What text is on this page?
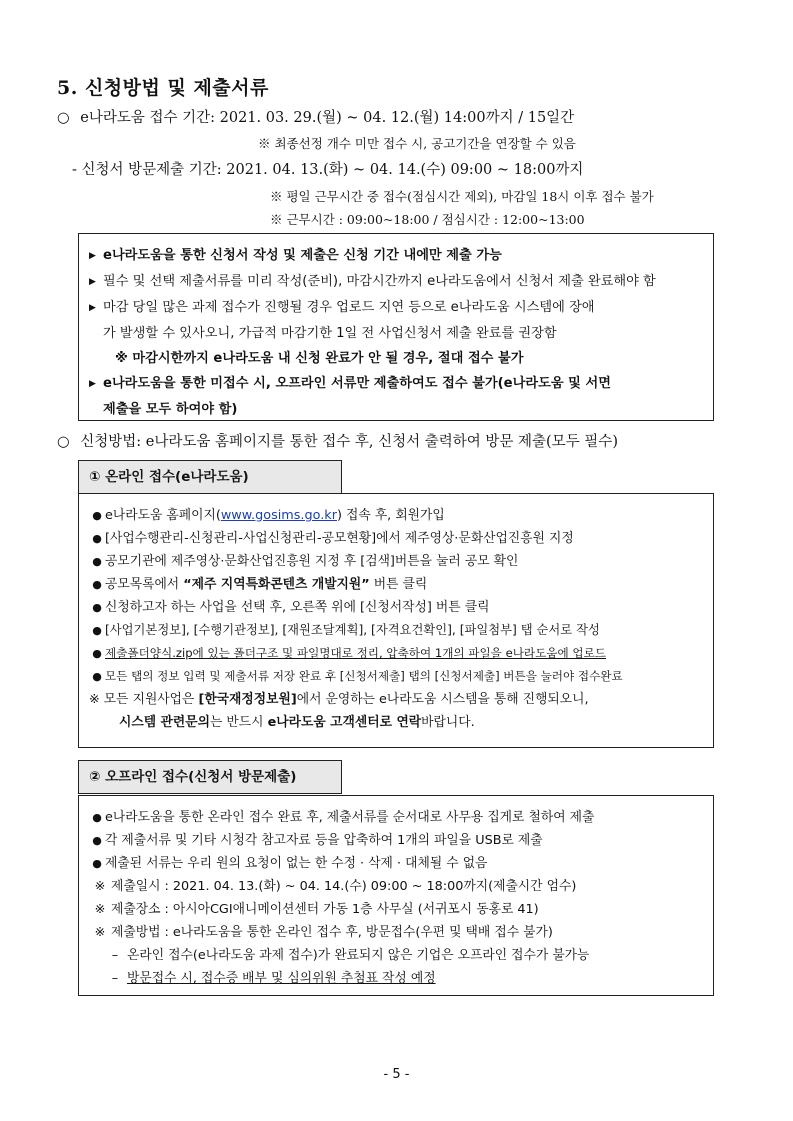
5. 신청방법 및 제출서류
○ e나라도움 접수 기간: 2021. 03. 29.(월) ~ 04. 12.(월) 14:00까지 / 15일간
※ 최종선정 개수 미만 접수 시, 공고기간을 연장할 수 있음
- 신청서 방문제출 기간: 2021. 04. 13.(화) ~ 04. 14.(수) 09:00 ~ 18:00까지
※ 평일 근무시간 중 접수(점심시간 제외), 마감일 18시 이후 접수 불가
※ 근무시간 : 09:00~18:00 / 점심시간 : 12:00~13:00
▶ e나라도움을 통한 신청서 작성 및 제출은 신청 기간 내에만 제출 가능
▶ 필수 및 선택 제출서류를 미리 작성(준비), 마감시간까지 e나라도움에서 신청서 제출 완료해야 함
▶ 마감 당일 많은 과제 접수가 진행될 경우 업로드 지연 등으로 e나라도움 시스템에 장애
가 발생할 수 있사오니, 가급적 마감기한 1일 전 사업신청서 제출 완료를 권장함
※ 마감시한까지 e나라도움 내 신청 완료가 안 될 경우, 절대 접수 불가
▶ e나라도움을 통한 미접수 시, 오프라인 서류만 제출하여도 접수 불가(e나라도움 및 서면
제출을 모두 하여야 함)
○ 신청방법: e나라도움 홈페이지를 통한 접수 후, 신청서 출력하여 방문 제출(모두 필수)
① 온라인 접수(e나라도움)
● e나라도움 홈페이지(www.gosims.go.kr) 접속 후, 회원가입
● [사업수행관리-신청관리-사업신청관리-공모현황]에서 제주영상·문화산업진흥원 지정
● 공모기관에 제주영상·문화산업진흥원 지정 후 [검색]버튼을 눌러 공모 확인
● 공모목록에서 “제주 지역특화콘텐츠 개발지원” 버튼 클릭
● 신청하고자 하는 사업을 선택 후, 오른쪽 위에 [신청서작성] 버튼 클릭
● [사업기본정보], [수행기관정보], [재원조달계획], [자격요건확인], [파일첨부] 탭 순서로 작성
● 제출폴더양식.zip에 있는 폴더구조 및 파일명대로 정리, 압축하여 1개의 파일을 e나라도움에 업로드
● 모든 탭의 정보 입력 및 제출서류 저장 완료 후 [신청서제출] 탭의 [신청서제출] 버튼을 눌러야 접수완료
※ 모든 지원사업은 [한국재정정보원]에서 운영하는 e나라도움 시스템을 통해 진행되오니,
시스템 관련문의는 반드시 e나라도움 고객센터로 연락바랍니다.
② 오프라인 접수(신청서 방문제출)
● e나라도움을 통한 온라인 접수 완료 후, 제출서류를 순서대로 사무용 집게로 철하여 제출
● 각 제출서류 및 기타 시청각 참고자료 등을 압축하여 1개의 파일을 USB로 제출
● 제출된 서류는 우리 원의 요청이 없는 한 수정 · 삭제 · 대체될 수 없음
※ 제출일시 : 2021. 04. 13.(화) ~ 04. 14.(수) 09:00 ~ 18:00까지(제출시간 엄수)
※ 제출장소 : 아시아CGI애니메이션센터 가동 1층 사무실 (서귀포시 동홍로 41)
※ 제출방법 : e나라도움을 통한 온라인 접수 후, 방문접수(우편 및 택배 접수 불가)
– 온라인 접수(e나라도움 과제 접수)가 완료되지 않은 기업은 오프라인 접수가 불가능
– 방문접수 시, 접수증 배부 및 심의위원 추첨표 작성 예정
- 5 -
